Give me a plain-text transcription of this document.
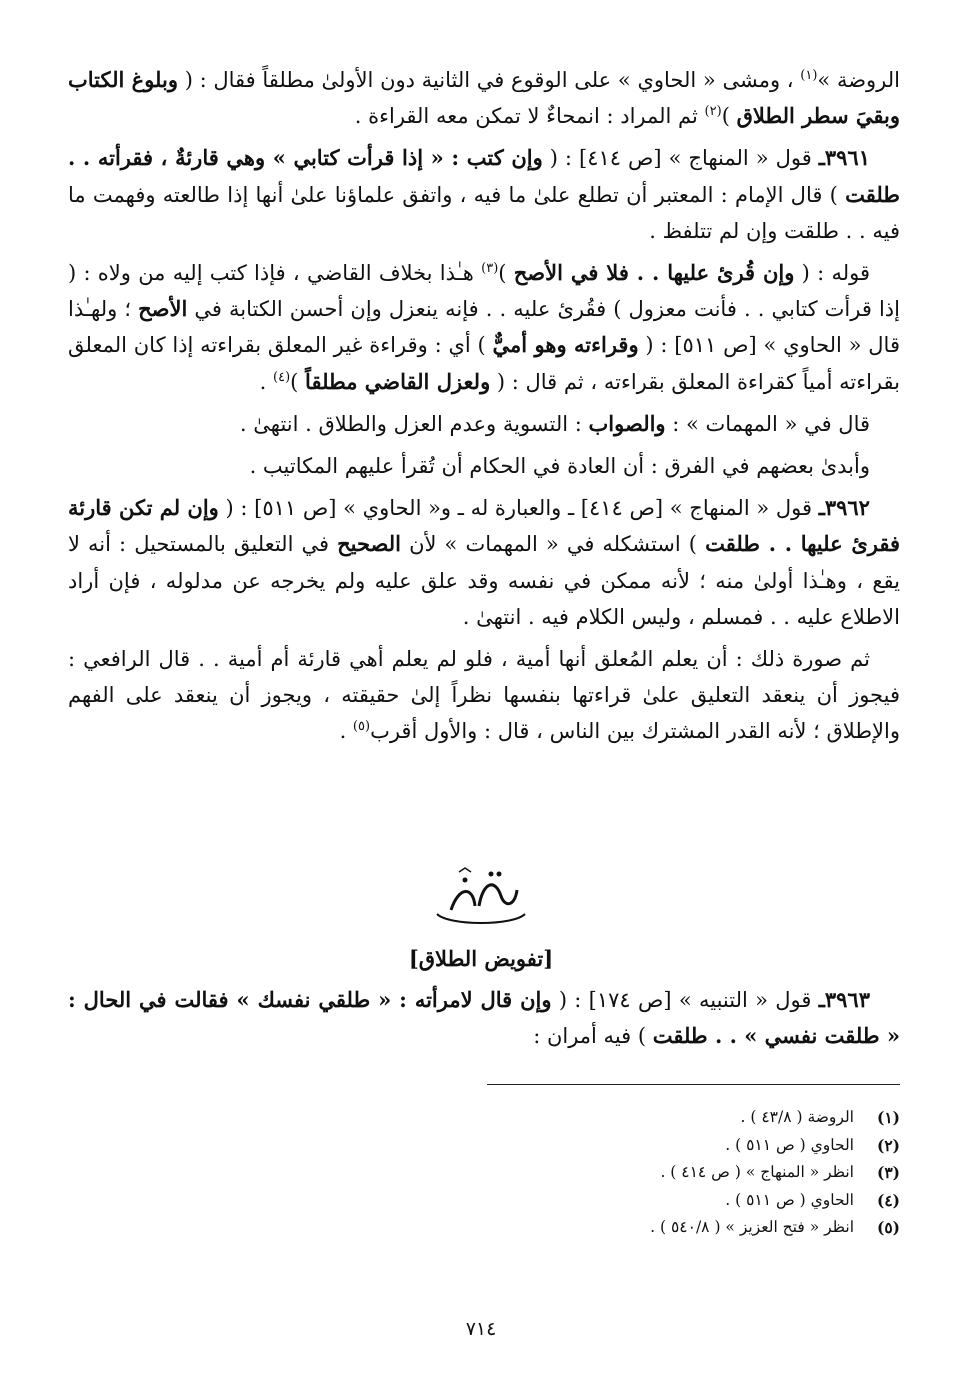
الروضة »$^{(١)}$ ، ومشى « الحاوي » على الوقوع في الثانية دون الأولىٰ مطلقاً فقال : ( وبلوغ الكتاب وبقيَ سطر الطلاق )$^{(٢)}$ ثم المراد : انمحاءٌ لا تمكن معه القراءة .

٣٩٦١ـ قول « المنهاج » [ص ٤١٤] : ( وإن كتب : « إذا قرأت كتابي » وهي قارئةٌ ، فقرأته . . طلقت ) قال الإمام : المعتبر أن تطلع علىٰ ما فيه ، واتفق علماؤنا علىٰ أنها إذا طالعته وفهمت ما فيه . . طلقت وإن لم تتلفظ .

قوله : ( وإن قُرئ عليها . . فلا في الأصح )$^{(٣)}$ هـٰذا بخلاف القاضي ، فإذا كتب إليه من ولاه : ( إذا قرأت كتابي . . فأنت معزول ) فقُرئ عليه . . فإنه ينعزل وإن أحسن الكتابة في الأصح ؛ ولهـٰذا قال « الحاوي » [ص ٥١١] : ( وقراءته وهو أميٌّ ) أي : وقراءة غير المعلق بقراءته إذا كان المعلق بقراءته أمياً كقراءة المعلق بقراءته ، ثم قال : ( ولعزل القاضي مطلقاً )$^{(٤)}$ .

قال في « المهمات » : والصواب : التسوية وعدم العزل والطلاق . انتهىٰ .

وأبدىٰ بعضهم في الفرق : أن العادة في الحكام أن تُقرأ عليهم المكاتيب .

٣٩٦٢ـ قول « المنهاج » [ص ٤١٤] ـ والعبارة له ـ و« الحاوي » [ص ٥١١] : ( وإن لم تكن قارئة فقرئ عليها . . طلقت ) استشكله في « المهمات » لأن الصحيح في التعليق بالمستحيل : أنه لا يقع ، وهـٰذا أولىٰ منه ؛ لأنه ممكن في نفسه وقد علق عليه ولم يخرجه عن مدلوله ، فإن أراد الاطلاع عليه . . فمسلم ، وليس الكلام فيه . انتهىٰ .

ثم صورة ذلك : أن يعلم المُعلق أنها أمية ، فلو لم يعلم أهي قارئة أم أمية . . قال الرافعي : فيجوز أن ينعقد التعليق علىٰ قراءتها بنفسها نظراً إلىٰ حقيقته ، ويجوز أن ينعقد على الفهم والإطلاق ؛ لأنه القدر المشترك بين الناس ، قال : والأول أقرب$^{(٥)}$ .

[تفويض الطلاق]

٣٩٦٣ـ قول « التنبيه » [ص ١٧٤] : ( وإن قال لامرأته : « طلقي نفسك » فقالت في الحال : « طلقت نفسي » . . طلقت ) فيه أمران :

(١)
الروضة ( ٤٣/٨ ) .
(٢)
الحاوي ( ص ٥١١ ) .
(٣)
انظر « المنهاج » ( ص ٤١٤ ) .
(٤)
الحاوي ( ص ٥١١ ) .
(٥)
انظر « فتح العزيز » ( ٥٤٠/٨ ) .
٧١٤
